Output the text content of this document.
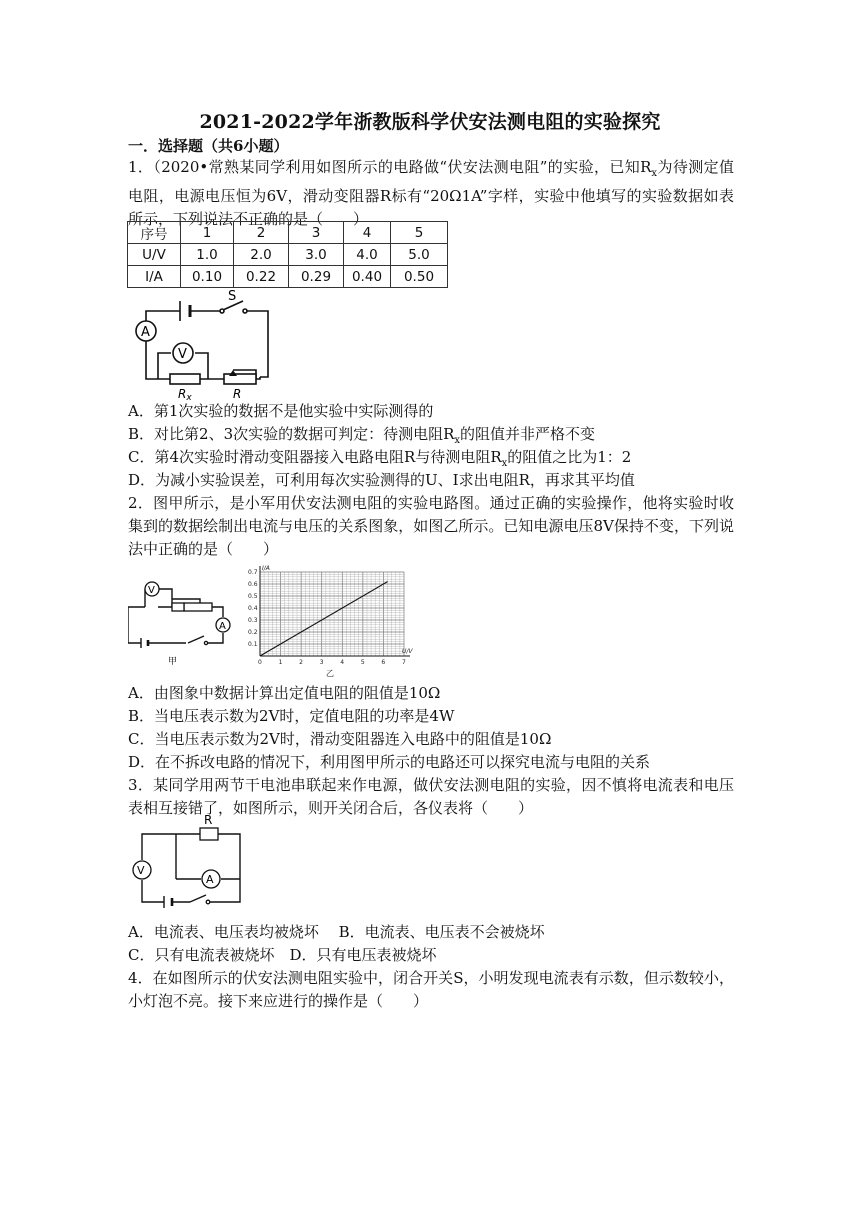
2021-2022学年浙教版科学伏安法测电阻的实验探究
一．选择题（共6小题）

1．（2020•常熟某同学利用如图所示的电路做“伏安法测电阻”的实验，已知$R_x$为待测定值电阻，电源电压恒为6V，滑动变阻器R标有“20Ω1A”字样，实验中他填写的实验数据如表所示，下列说法不正确的是（　　）

序号	1	2	3	4	5
U/V	1.0	2.0	3.0	4.0	5.0
I/A	0.10	0.22	0.29	0.40	0.50
S
A
V
Rx	R
A．第1次实验的数据不是他实验中实际测得的
B．对比第2、3次实验的数据可判定：待测电阻$R_x$的阻值并非严格不变
C．第4次实验时滑动变阻器接入电路电阻R与待测电阻$R_x$的阻值之比为1：2
D．为减小实验误差，可利用每次实验测得的U、I求出电阻R，再求其平均值

2．图甲所示，是小军用伏安法测电阻的实验电路图。通过正确的实验操作，他将实验时收集到的数据绘制出电流与电压的关系图象，如图乙所示。已知电源电压8V保持不变，下列说法中正确的是（　　）

V
A
甲	0	1	2	3	4	5	6	7
0.1
0.2
0.3
0.4
0.5
0.6
0.7
U/V
I/A
乙
A．由图象中数据计算出定值电阻的阻值是10Ω
B．当电压表示数为2V时，定值电阻的功率是4W
C．当电压表示数为2V时，滑动变阻器连入电路中的阻值是10Ω
D．在不拆改电路的情况下，利用图甲所示的电路还可以探究电流与电阻的关系

3．某同学用两节干电池串联起来作电源，做伏安法测电阻的实验，因不慎将电流表和电压表相互接错了，如图所示，则开关闭合后，各仪表将（　　）

R
V
A
A．电流表、电压表均被烧坏　 B．电流表、电压表不会被烧坏
C．只有电流表被烧坏　D．只有电压表被烧坏

4．在如图所示的伏安法测电阻实验中，闭合开关S，小明发现电流表有示数，但示数较小，小灯泡不亮。接下来应进行的操作是（　　）
